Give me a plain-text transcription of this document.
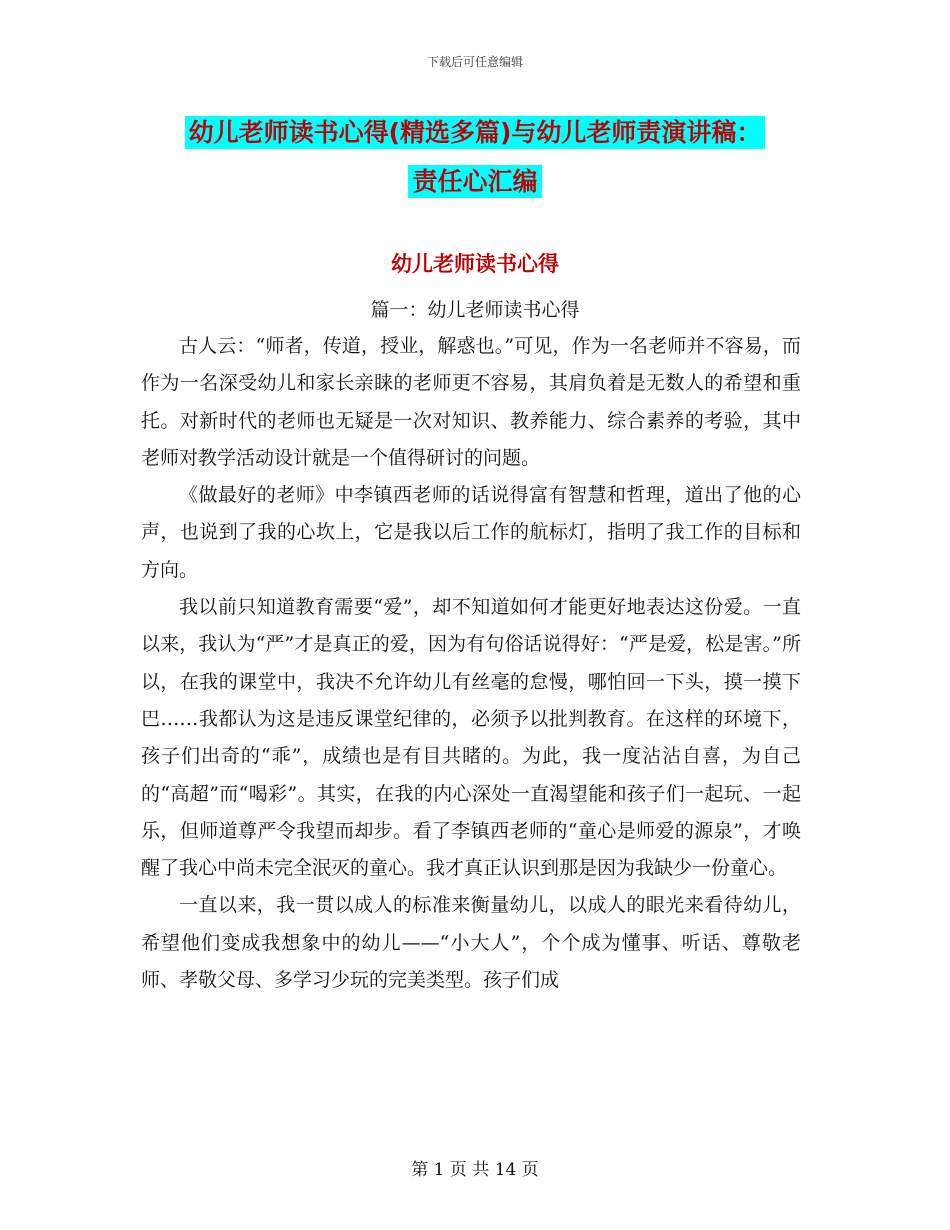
下载后可任意编辑
幼儿老师读书心得(精选多篇)与幼儿老师责演讲稿：
责任心汇编
幼儿老师读书心得
篇一：幼儿老师读书心得

古人云：“师者，传道，授业，解惑也。”可见，作为一名老师并不容易，而作为一名深受幼儿和家长亲睐的老师更不容易，其肩负着是无数人的希望和重托。对新时代的老师也无疑是一次对知识、教养能力、综合素养的考验，其中老师对教学活动设计就是一个值得研讨的问题。

《做最好的老师》中李镇西老师的话说得富有智慧和哲理，道出了他的心声，也说到了我的心坎上，它是我以后工作的航标灯，指明了我工作的目标和方向。

我以前只知道教育需要“爱”，却不知道如何才能更好地表达这份爱。一直以来，我认为“严”才是真正的爱，因为有句俗话说得好：“严是爱，松是害。”所以，在我的课堂中，我决不允许幼儿有丝毫的怠慢，哪怕回一下头，摸一摸下巴……我都认为这是违反课堂纪律的，必须予以批判教育。在这样的环境下，孩子们出奇的“乖”，成绩也是有目共睹的。为此，我一度沾沾自喜，为自己的“高超”而“喝彩”。其实，在我的内心深处一直渴望能和孩子们一起玩、一起乐，但师道尊严令我望而却步。看了李镇西老师的“童心是师爱的源泉”，才唤醒了我心中尚未完全泯灭的童心。我才真正认识到那是因为我缺少一份童心。

一直以来，我一贯以成人的标准来衡量幼儿，以成人的眼光来看待幼儿，希望他们变成我想象中的幼儿——“小大人”，个个成为懂事、听话、尊敬老师、孝敬父母、多学习少玩的完美类型。孩子们成

第 1 页 共 14 页
